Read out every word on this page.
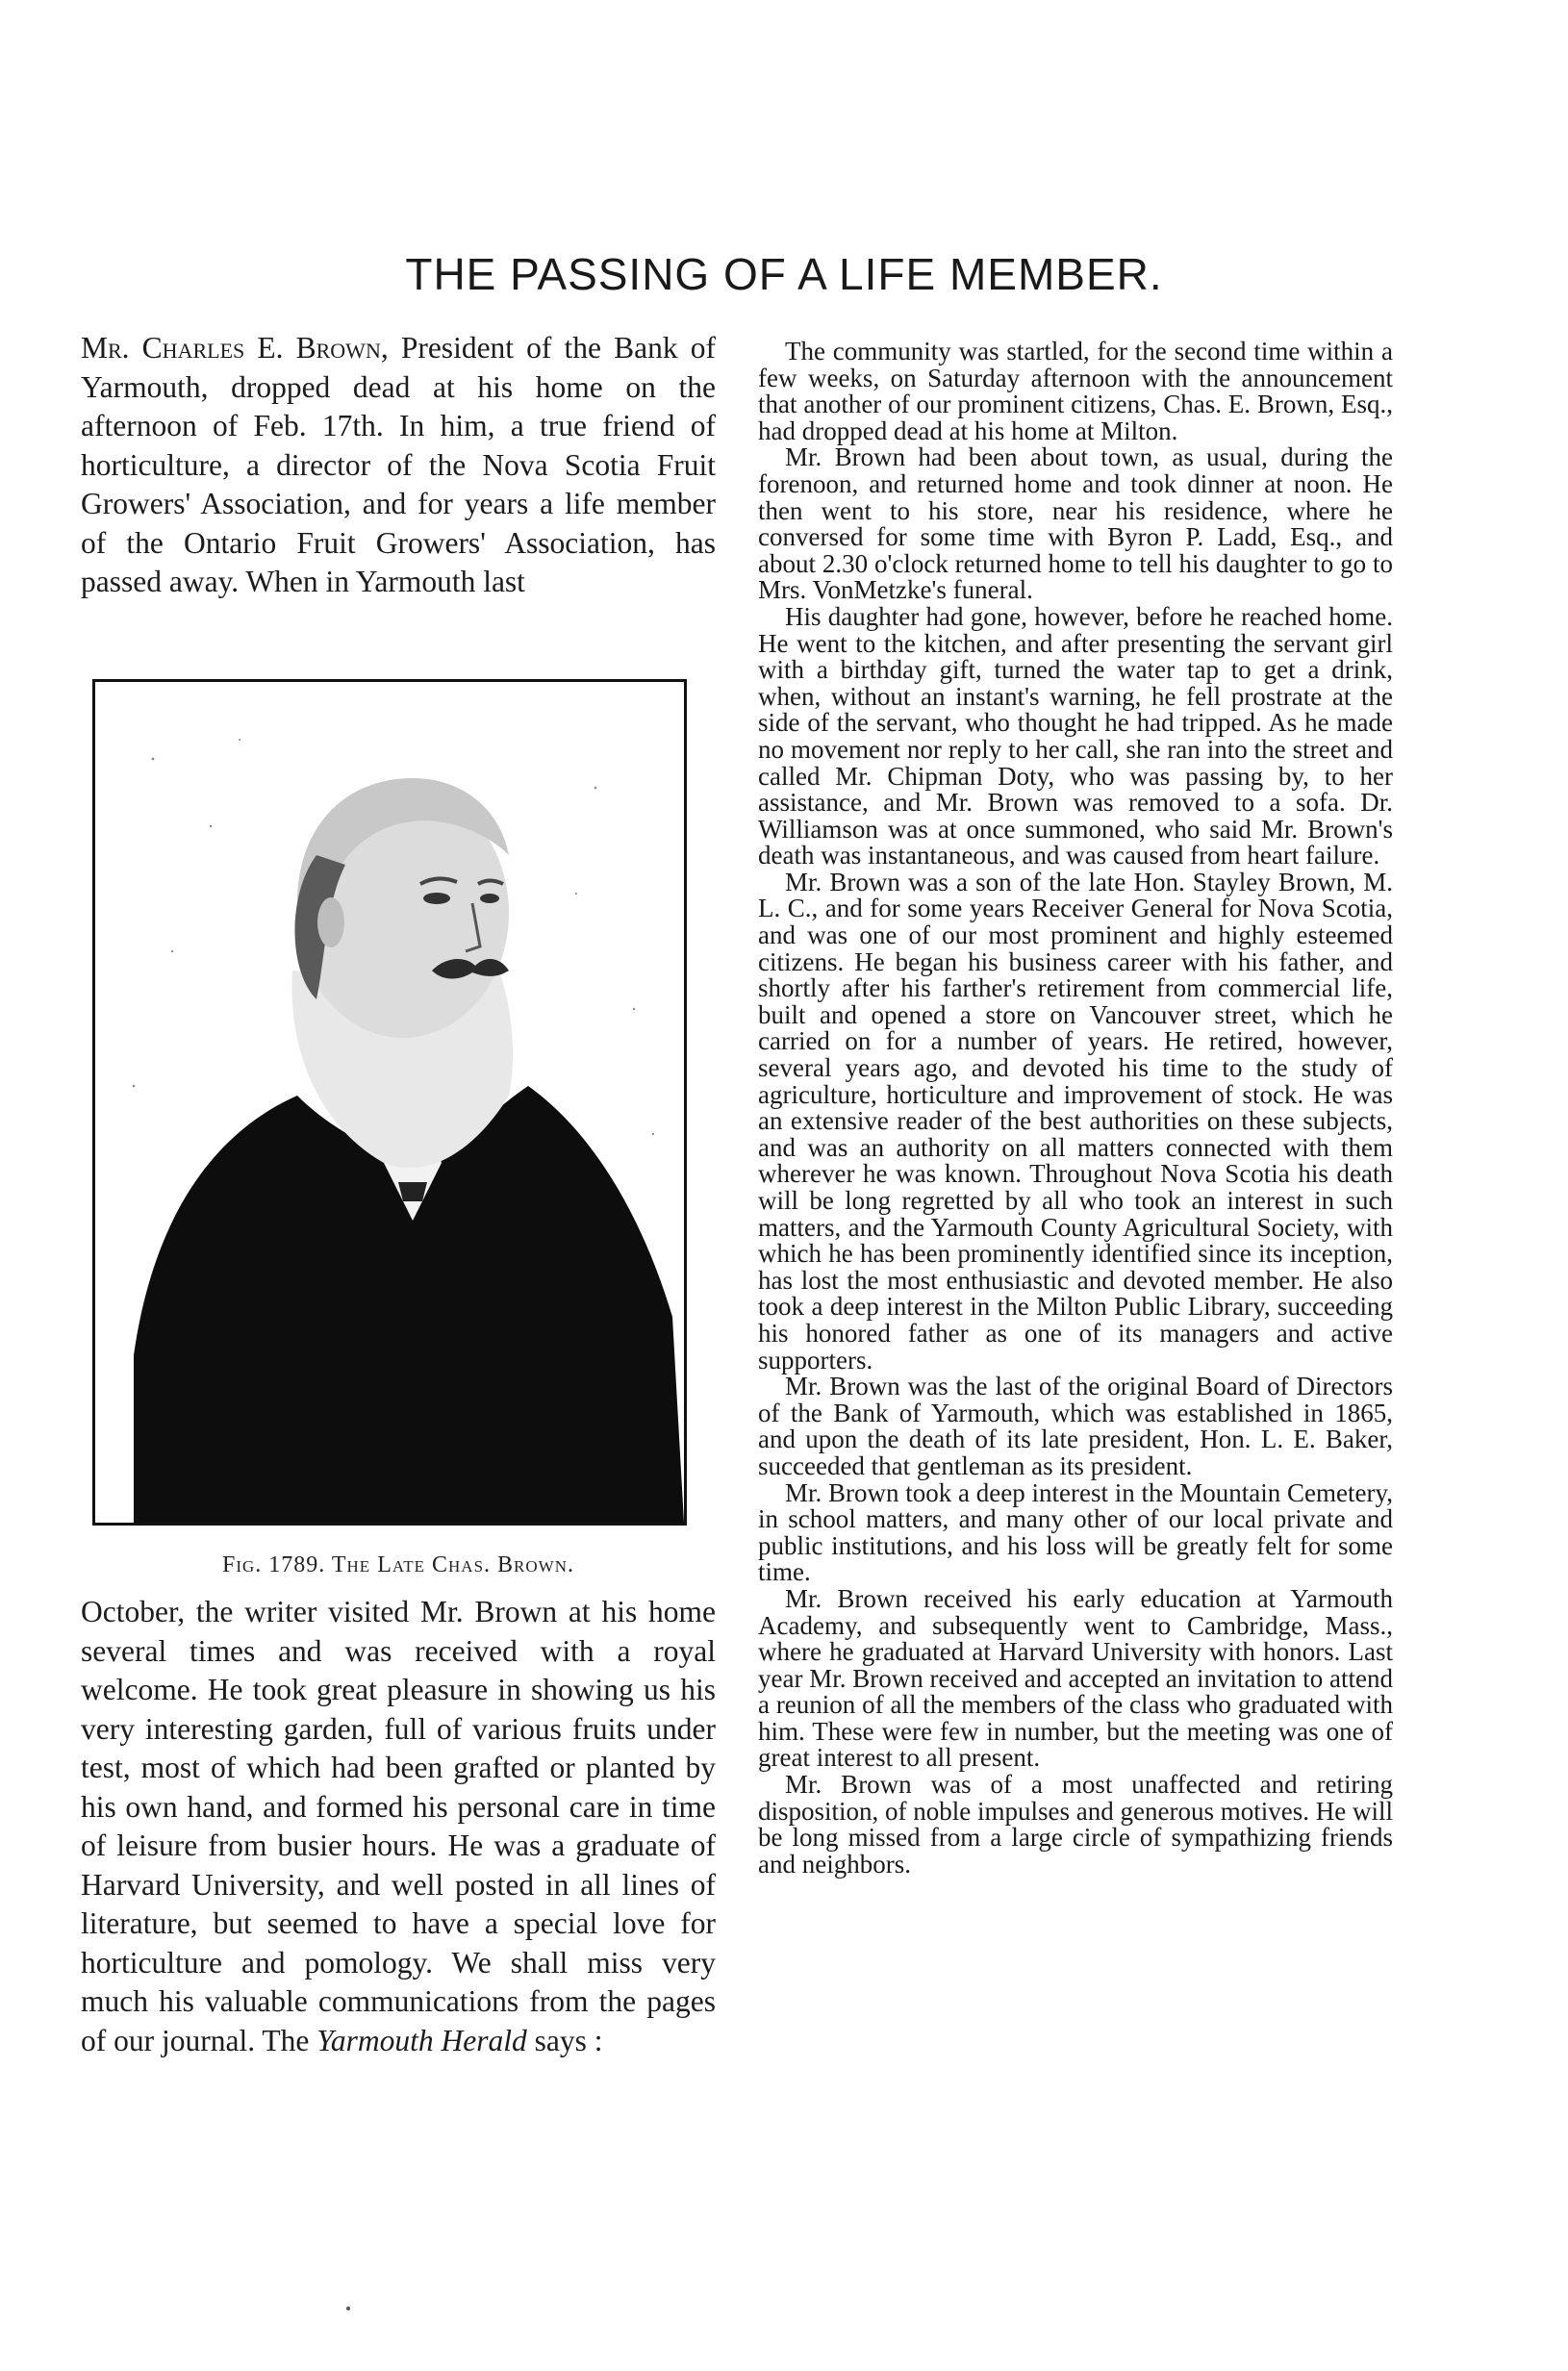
THE PASSING OF A LIFE MEMBER.
Mr. Charles E. Brown, President of the Bank of Yarmouth, dropped dead at his home on the afternoon of Feb. 17th. In him, a true friend of horticulture, a director of the Nova Scotia Fruit Growers' Association, and for years a life member of the Ontario Fruit Growers' Association, has passed away. When in Yarmouth last
Fig. 1789. The Late Chas. Brown.
October, the writer visited Mr. Brown at his home several times and was received with a royal welcome. He took great pleasure in showing us his very interesting garden, full of various fruits under test, most of which had been grafted or planted by his own hand, and formed his personal care in time of leisure from busier hours. He was a graduate of Harvard University, and well posted in all lines of literature, but seemed to have a special love for horticulture and pomology. We shall miss very much his valuable communications from the pages of our journal. The Yarmouth Herald says :

The community was startled, for the second time within a few weeks, on Saturday afternoon with the announcement that another of our prominent citizens, Chas. E. Brown, Esq., had dropped dead at his home at Milton.

Mr. Brown had been about town, as usual, during the forenoon, and returned home and took dinner at noon. He then went to his store, near his residence, where he conversed for some time with Byron P. Ladd, Esq., and about 2.30 o'clock returned home to tell his daughter to go to Mrs. VonMetzke's funeral.

His daughter had gone, however, before he reached home. He went to the kitchen, and after presenting the servant girl with a birthday gift, turned the water tap to get a drink, when, without an instant's warning, he fell prostrate at the side of the servant, who thought he had tripped. As he made no movement nor reply to her call, she ran into the street and called Mr. Chipman Doty, who was passing by, to her assistance, and Mr. Brown was removed to a sofa. Dr. Williamson was at once summoned, who said Mr. Brown's death was instantaneous, and was caused from heart failure.

Mr. Brown was a son of the late Hon. Stayley Brown, M. L. C., and for some years Receiver General for Nova Scotia, and was one of our most prominent and highly esteemed citizens. He began his business career with his father, and shortly after his farther's retirement from commercial life, built and opened a store on Vancouver street, which he carried on for a number of years. He retired, however, several years ago, and devoted his time to the study of agriculture, horticulture and improvement of stock. He was an extensive reader of the best authorities on these subjects, and was an authority on all matters connected with them wherever he was known. Throughout Nova Scotia his death will be long regretted by all who took an interest in such matters, and the Yarmouth County Agricultural Society, with which he has been prominently identified since its inception, has lost the most enthusiastic and devoted member. He also took a deep interest in the Milton Public Library, succeeding his honored father as one of its managers and active supporters.

Mr. Brown was the last of the original Board of Directors of the Bank of Yarmouth, which was established in 1865, and upon the death of its late president, Hon. L. E. Baker, succeeded that gentleman as its president.

Mr. Brown took a deep interest in the Mountain Cemetery, in school matters, and many other of our local private and public institutions, and his loss will be greatly felt for some time.

Mr. Brown received his early education at Yarmouth Academy, and subsequently went to Cambridge, Mass., where he graduated at Harvard University with honors. Last year Mr. Brown received and accepted an invitation to attend a reunion of all the members of the class who graduated with him. These were few in number, but the meeting was one of great interest to all present.

Mr. Brown was of a most unaffected and retiring disposition, of noble impulses and generous motives. He will be long missed from a large circle of sympathizing friends and neighbors.
